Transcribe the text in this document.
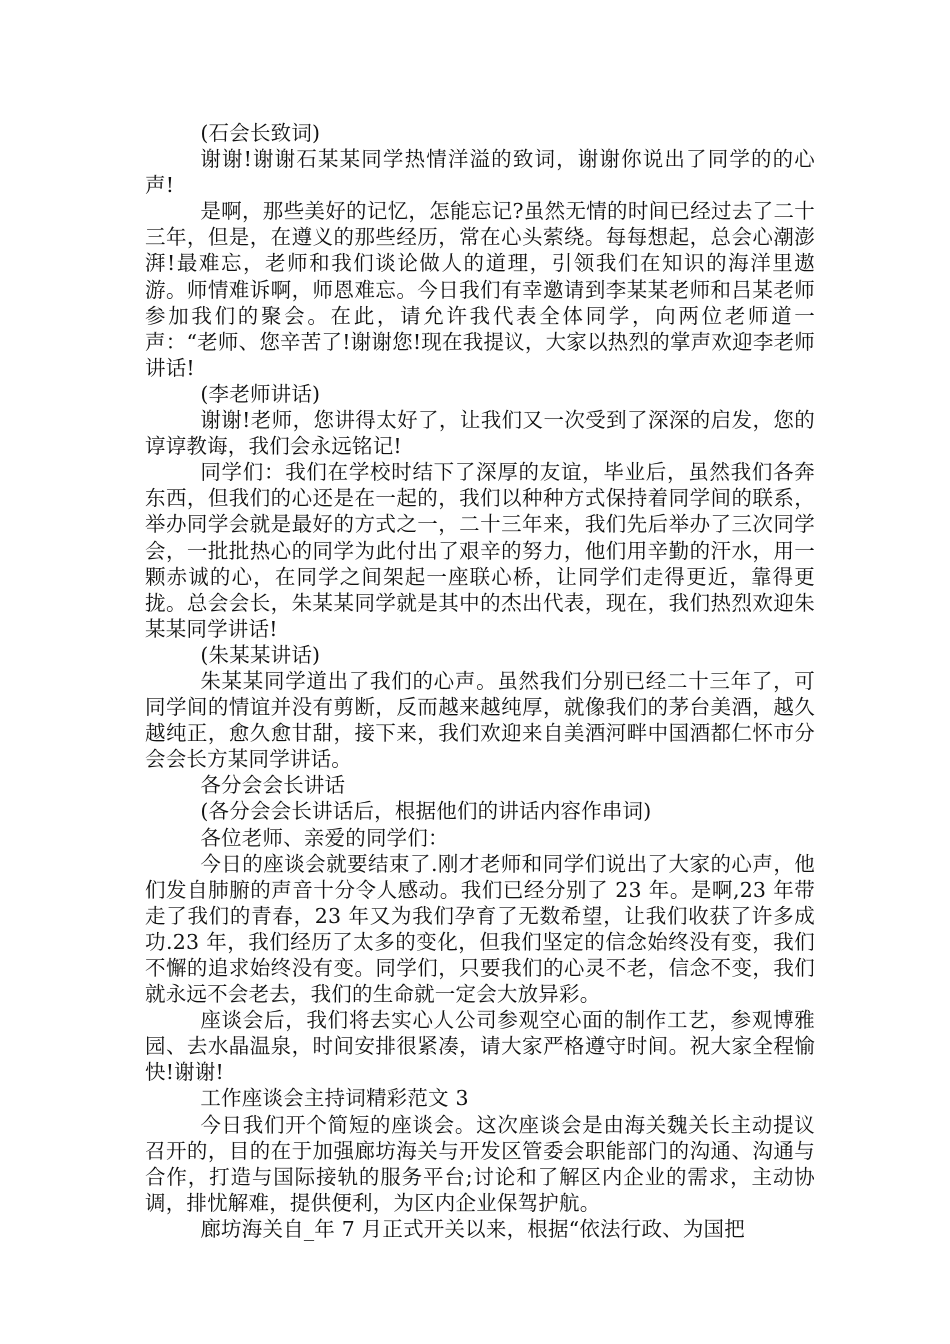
(石会长致词)

谢谢!谢谢石某某同学热情洋溢的致词，谢谢你说出了同学的的心声!

是啊，那些美好的记忆，怎能忘记?虽然无情的时间已经过去了二十三年，但是，在遵义的那些经历，常在心头萦绕。每每想起，总会心潮澎湃!最难忘，老师和我们谈论做人的道理，引领我们在知识的海洋里遨游。师情难诉啊，师恩难忘。今日我们有幸邀请到李某某老师和吕某老师参加我们的聚会。在此，请允许我代表全体同学，向两位老师道一声：“老师、您辛苦了!谢谢您!现在我提议，大家以热烈的掌声欢迎李老师讲话!

(李老师讲话)

谢谢!老师，您讲得太好了，让我们又一次受到了深深的启发，您的谆谆教诲，我们会永远铭记!

同学们：我们在学校时结下了深厚的友谊，毕业后，虽然我们各奔东西，但我们的心还是在一起的，我们以种种方式保持着同学间的联系，举办同学会就是最好的方式之一，二十三年来，我们先后举办了三次同学会，一批批热心的同学为此付出了艰辛的努力，他们用辛勤的汗水，用一颗赤诚的心，在同学之间架起一座联心桥，让同学们走得更近，靠得更拢。总会会长，朱某某同学就是其中的杰出代表，现在，我们热烈欢迎朱某某同学讲话!

(朱某某讲话)

朱某某同学道出了我们的心声。虽然我们分别已经二十三年了，可同学间的情谊并没有剪断，反而越来越纯厚，就像我们的茅台美酒，越久越纯正，愈久愈甘甜，接下来，我们欢迎来自美酒河畔中国酒都仁怀市分会会长方某同学讲话。

各分会会长讲话

(各分会会长讲话后，根据他们的讲话内容作串词)

各位老师、亲爱的同学们：

今日的座谈会就要结束了.刚才老师和同学们说出了大家的心声，他们发自肺腑的声音十分令人感动。我们已经分别了 23 年。是啊,23 年带走了我们的青春，23 年又为我们孕育了无数希望，让我们收获了许多成功.23 年，我们经历了太多的变化，但我们坚定的信念始终没有变，我们不懈的追求始终没有变。同学们，只要我们的心灵不老，信念不变，我们就永远不会老去，我们的生命就一定会大放异彩。

座谈会后，我们将去实心人公司参观空心面的制作工艺，参观博雅园、去水晶温泉，时间安排很紧凑，请大家严格遵守时间。祝大家全程愉快!谢谢!

工作座谈会主持词精彩范文 3

今日我们开个简短的座谈会。这次座谈会是由海关魏关长主动提议召开的，目的在于加强廊坊海关与开发区管委会职能部门的沟通、沟通与合作，打造与国际接轨的服务平台;讨论和了解区内企业的需求，主动协调，排忧解难，提供便利，为区内企业保驾护航。

廊坊海关自_年 7 月正式开关以来，根据“依法行政、为国把
